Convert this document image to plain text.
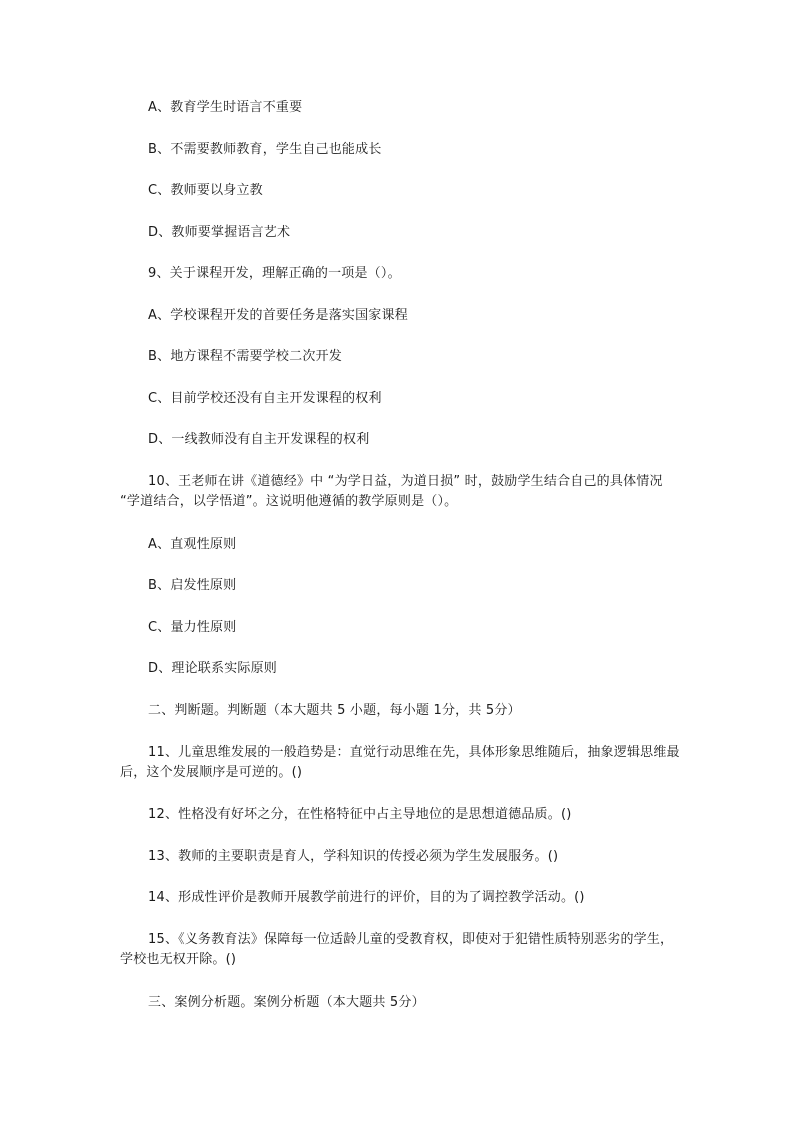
A、教育学生时语言不重要
B、不需要教师教育，学生自己也能成长
C、教师要以身立教
D、教师要掌握语言艺术
9、关于课程开发，理解正确的一项是（）。
A、学校课程开发的首要任务是落实国家课程
B、地方课程不需要学校二次开发
C、目前学校还没有自主开发课程的权利
D、一线教师没有自主开发课程的权利
10、王老师在讲《道德经》中 “为学日益，为道日损” 时，鼓励学生结合自己的具体情况 “学道结合，以学悟道”。这说明他遵循的教学原则是（）。
A、直观性原则
B、启发性原则
C、量力性原则
D、理论联系实际原则
二、判断题。判断题（本大题共 5 小题，每小题 1分，共 5分）
11、儿童思维发展的一般趋势是：直觉行动思维在先，具体形象思维随后，抽象逻辑思维最后，这个发展顺序是可逆的。()
12、性格没有好坏之分，在性格特征中占主导地位的是思想道德品质。()
13、教师的主要职责是育人，学科知识的传授必须为学生发展服务。()
14、形成性评价是教师开展教学前进行的评价，目的为了调控教学活动。()
15、《义务教育法》保障每一位适龄儿童的受教育权，即使对于犯错性质特别恶劣的学生，学校也无权开除。()
三、案例分析题。案例分析题（本大题共 5分）
